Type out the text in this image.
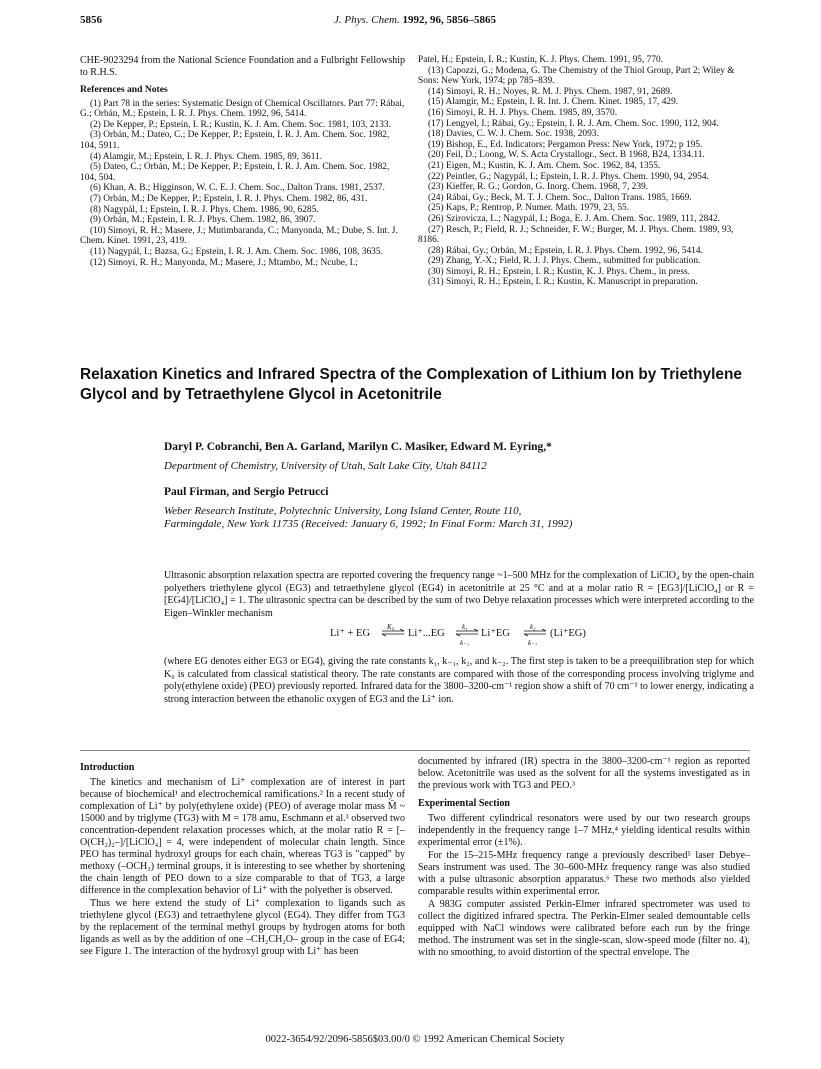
5856	J. Phys. Chem. 1992, 96, 5856–5865

CHE-9023294 from the National Science Foundation and a Fulbright Fellowship to R.H.S.

References and Notes

(1) Part 78 in the series: Systematic Design of Chemical Oscillators. Part 77: Rábai, G.; Orbán, M.; Epstein, I. R. J. Phys. Chem. 1992, 96, 5414.

(2) De Kepper, P.; Epstein, I. R.; Kustin, K. J. Am. Chem. Soc. 1981, 103, 2133.

(3) Orbán, M.; Dateo, C.; De Kepper, P.; Epstein, I. R. J. Am. Chem. Soc. 1982, 104, 5911.

(4) Alamgir, M.; Epstein, I. R. J. Phys. Chem. 1985, 89, 3611.

(5) Dateo, C.; Orbán, M.; De Kepper, P.; Epstein, I. R. J. Am. Chem. Soc. 1982, 104, 504.

(6) Khan, A. B.; Higginson, W. C. E. J. Chem. Soc., Dalton Trans. 1981, 2537.

(7) Orbán, M.; De Kepper, P.; Epstein, I. R. J. Phys. Chem. 1982, 86, 431.

(8) Nagypál, I.; Epstein, I. R. J. Phys. Chem. 1986, 90, 6285.

(9) Orbán, M.; Epstein, I. R. J. Phys. Chem. 1982, 86, 3907.

(10) Simoyi, R. H.; Masere, J.; Mutimbaranda, C.; Manyonda, M.; Dube, S. Int. J. Chem. Kinet. 1991, 23, 419.

(11) Nagypál, I.; Bazsa, G.; Epstein, I. R. J. Am. Chem. Soc. 1986, 108, 3635.

(12) Simoyi, R. H.; Manyonda, M.; Masere, J.; Mtambo, M.; Ncube, I.;

Patel, H.; Epstein, I. R.; Kustin, K. J. Phys. Chem. 1991, 95, 770.

(13) Capozzi, G.; Modena, G. The Chemistry of the Thiol Group, Part 2; Wiley & Sons: New York, 1974; pp 785–839.

(14) Simoyi, R. H.; Noyes, R. M. J. Phys. Chem. 1987, 91, 2689.

(15) Alamgir, M.; Epstein, I. R. Int. J. Chem. Kinet. 1985, 17, 429.

(16) Simoyi, R. H. J. Phys. Chem. 1985, 89, 3570.

(17) Lengyel, I.; Rábai, Gy.; Epstein, I. R. J. Am. Chem. Soc. 1990, 112, 904.

(18) Davies, C. W. J. Chem. Soc. 1938, 2093.

(19) Bishop, E., Ed. Indicators; Pergamon Press: New York, 1972; p 195.

(20) Feil, D.; Loong, W. S. Acta Crystallogr., Sect. B 1968, B24, 1334.11.

(21) Eigen, M.; Kustin, K. J. Am. Chem. Soc. 1962, 84, 1355.

(22) Peintler, G.; Nagypál, I.; Epstein, I. R. J. Phys. Chem. 1990, 94, 2954.

(23) Kieffer, R. G.; Gordon, G. Inorg. Chem. 1968, 7, 239.

(24) Rábai, Gy.; Beck, M. T. J. Chem. Soc., Dalton Trans. 1985, 1669.

(25) Kaps, P.; Rentrop, P. Numer. Math. 1979, 23, 55.

(26) Szirovicza, L.; Nagypál, I.; Boga, E. J. Am. Chem. Soc. 1989, 111, 2842.

(27) Resch, P.; Field, R. J.; Schneider, F. W.; Burger, M. J. Phys. Chem. 1989, 93, 8186.

(28) Rábai, Gy.; Orbán, M.; Epstein, I. R. J. Phys. Chem. 1992, 96, 5414.

(29) Zhang, Y.-X.; Field, R. J. J. Phys. Chem., submitted for publication.

(30) Simoyi, R. H.; Epstein, I. R.; Kustin, K. J. Phys. Chem., in press.

(31) Simoyi, R. H.; Epstein, I. R.; Kustin, K. Manuscript in preparation.

Relaxation Kinetics and Infrared Spectra of the Complexation of Lithium Ion by Triethylene Glycol and by Tetraethylene Glycol in Acetonitrile
Daryl P. Cobranchi, Ben A. Garland, Marilyn C. Masiker, Edward M. Eyring,*
Department of Chemistry, University of Utah, Salt Lake City, Utah 84112
Paul Firman, and Sergio Petrucci
Weber Research Institute, Polytechnic University, Long Island Center, Route 110,
Farmingdale, New York 11735 (Received: January 6, 1992; In Final Form: March 31, 1992)
Ultrasonic absorption relaxation spectra are reported covering the frequency range ~1–500 MHz for the complexation of LiClO₄ by the open-chain polyethers triethylene glycol (EG3) and tetraethylene glycol (EG4) in acetonitrile at 25 °C and at a molar ratio R = [EG3]/[LiClO₄] or R = [EG4]/[LiClO₄] = 1. The ultrasonic spectra can be described by the sum of two Debye relaxation processes which were interpreted according to the Eigen–Winkler mechanism
Li⁺ + EG
K₀
Li⁺...EG
k₁
k₋₁
Li⁺EG
k₂
k₋₂
(Li⁺EG)
(where EG denotes either EG3 or EG4), giving the rate constants k₁, k₋₁, k₂, and k₋₂. The first step is taken to be a preequilibration step for which K₀ is calculated from classical statistical theory. The rate constants are compared with those of the corresponding process involving triglyme and poly(ethylene oxide) (PEO) previously reported. Infrared data for the 3800–3200-cm⁻¹ region show a shift of 70 cm⁻¹ to lower energy, indicating a strong interaction between the ethanolic oxygen of EG3 and the Li⁺ ion.
Introduction

The kinetics and mechanism of Li⁺ complexation are of interest in part because of biochemical¹ and electrochemical ramifications.² In a recent study of complexation of Li⁺ by poly(ethylene oxide) (PEO) of average molar mass M̄ ~ 15000 and by triglyme (TG3) with M = 178 amu, Eschmann et al.³ observed two concentration-dependent relaxation processes which, at the molar ratio R = [–O(CH₂)₂–]/[LiClO₄] = 4, were independent of molecular chain length. Since PEO has terminal hydroxyl groups for each chain, whereas TG3 is "capped" by methoxy (–OCH₃) terminal groups, it is interesting to see whether by shortening the chain length of PEO down to a size comparable to that of TG3, a large difference in the complexation behavior of Li⁺ with the polyether is observed.

Thus we here extend the study of Li⁺ complexation to ligands such as triethylene glycol (EG3) and tetraethylene glycol (EG4). They differ from TG3 by the replacement of the terminal methyl groups by hydrogen atoms for both ligands as well as by the addition of one –CH₂CH₂O– group in the case of EG4; see Figure 1. The interaction of the hydroxyl group with Li⁺ has been

documented by infrared (IR) spectra in the 3800–3200-cm⁻¹ region as reported below. Acetonitrile was used as the solvent for all the systems investigated as in the previous work with TG3 and PEO.³

Experimental Section

Two different cylindrical resonators were used by our two research groups independently in the frequency range 1–7 MHz,⁴ yielding identical results within experimental error (±1%).

For the 15–215-MHz frequency range a previously described⁵ laser Debye–Sears instrument was used. The 30–600-MHz frequency range was also studied with a pulse ultrasonic absorption apparatus.⁶ These two methods also yielded comparable results within experimental error.

A 983G computer assisted Perkin-Elmer infrared spectrometer was used to collect the digitized infrared spectra. The Perkin-Elmer sealed demountable cells equipped with NaCl windows were calibrated before each run by the fringe method. The instrument was set in the single-scan, slow-speed mode (filter no. 4), with no smoothing, to avoid distortion of the spectral envelope. The

0022-3654/92/2096-5856$03.00/0 © 1992 American Chemical Society
